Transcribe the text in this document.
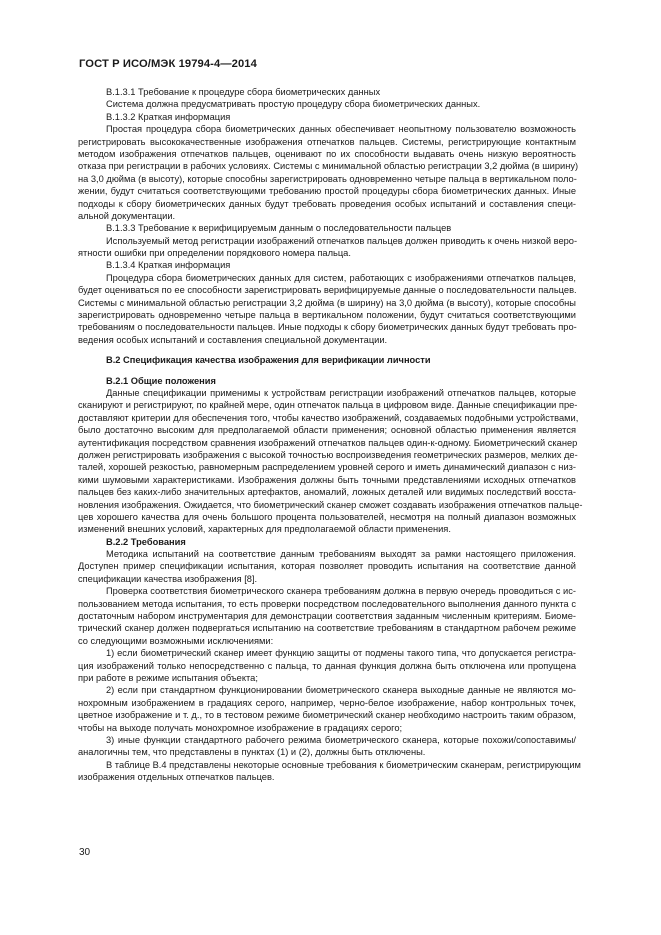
ГОСТ Р ИСО/МЭК 19794-4—2014
В.1.3.1 Требование к процедуре сбора биометрических данных
Система должна предусматривать простую процедуру сбора биометрических данных.
В.1.3.2 Краткая информация
Простая процедура сбора биометрических данных обеспечивает неопытному пользователю возможность
регистрировать высококачественные изображения отпечатков пальцев. Системы, регистрирующие контактным
методом изображения отпечатков пальцев, оценивают по их способности выдавать очень низкую вероятность
отказа при регистрации в рабочих условиях. Системы с минимальной областью регистрации 3,2 дюйма (в ширину)
на 3,0 дюйма (в высоту), которые способны зарегистрировать одновременно четыре пальца в вертикальном поло-
жении, будут считаться соответствующими требованию простой процедуры сбора биометрических данных. Иные
подходы к сбору биометрических данных будут требовать проведения особых испытаний и составления специ-
альной документации.
В.1.3.3 Требование к верифицируемым данным о последовательности пальцев
Используемый метод регистрации изображений отпечатков пальцев должен приводить к очень низкой веро-
ятности ошибки при определении порядкового номера пальца.
В.1.3.4 Краткая информация
Процедура сбора биометрических данных для систем, работающих с изображениями отпечатков пальцев,
будет оцениваться по ее способности зарегистрировать верифицируемые данные о последовательности пальцев.
Системы с минимальной областью регистрации 3,2 дюйма (в ширину) на 3,0 дюйма (в высоту), которые способны
зарегистрировать одновременно четыре пальца в вертикальном положении, будут считаться соответствующими
требованиям о последовательности пальцев. Иные подходы к сбору биометрических данных будут требовать про-
ведения особых испытаний и составления специальной документации.
В.2 Спецификация качества изображения для верификации личности
В.2.1 Общие положения
Данные спецификации применимы к устройствам регистрации изображений отпечатков пальцев, которые
сканируют и регистрируют, по крайней мере, один отпечаток пальца в цифровом виде. Данные спецификации пре-
доставляют критерии для обеспечения того, чтобы качество изображений, создаваемых подобными устройствами,
было достаточно высоким для предполагаемой области применения; основной областью применения является
аутентификация посредством сравнения изображений отпечатков пальцев один-к-одному. Биометрический сканер
должен регистрировать изображения с высокой точностью воспроизведения геометрических размеров, мелких де-
талей, хорошей резкостью, равномерным распределением уровней серого и иметь динамический диапазон с низ-
кими шумовыми характеристиками. Изображения должны быть точными представлениями исходных отпечатков
пальцев без каких-либо значительных артефактов, аномалий, ложных деталей или видимых последствий восста-
новления изображения. Ожидается, что биометрический сканер сможет создавать изображения отпечатков пальце-
цев хорошего качества для очень большого процента пользователей, несмотря на полный диапазон возможных
изменений внешних условий, характерных для предполагаемой области применения.
В.2.2 Требования
Методика испытаний на соответствие данным требованиям выходят за рамки настоящего приложения.
Доступен пример спецификации испытания, которая позволяет проводить испытания на соответствие данной
спецификации качества изображения [8].
Проверка соответствия биометрического сканера требованиям должна в первую очередь проводиться с ис-
пользованием метода испытания, то есть проверки посредством последовательного выполнения данного пункта с
достаточным набором инструментария для демонстрации соответствия заданным численным критериям. Биоме-
трический сканер должен подвергаться испытанию на соответствие требованиям в стандартном рабочем режиме
со следующими возможными исключениями:
1) если биометрический сканер имеет функцию защиты от подмены такого типа, что допускается регистра-
ция изображений только непосредственно с пальца, то данная функция должна быть отключена или пропущена
при работе в режиме испытания объекта;
2) если при стандартном функционировании биометрического сканера выходные данные не являются мо-
нохромным изображением в градациях серого, например, черно-белое изображение, набор контрольных точек,
цветное изображение и т. д., то в тестовом режиме биометрический сканер необходимо настроить таким образом,
чтобы на выходе получать монохромное изображение в градациях серого;
3) иные функции стандартного рабочего режима биометрического сканера, которые похожи/сопоставимы/
аналогичны тем, что представлены в пунктах (1) и (2), должны быть отключены.
В таблице В.4 представлены некоторые основные требования к биометрическим сканерам, регистрирующим
изображения отдельных отпечатков пальцев.
30
